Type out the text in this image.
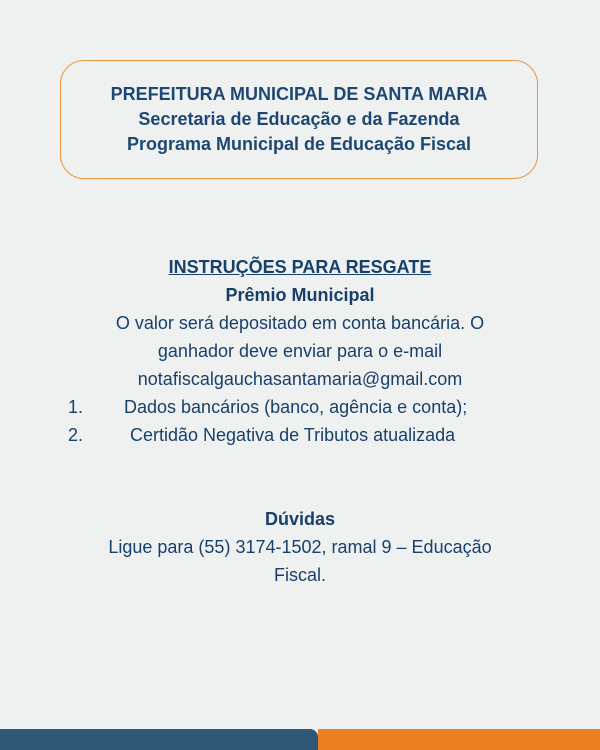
PREFEITURA MUNICIPAL DE SANTA MARIA
Secretaria de Educação e da Fazenda
Programa Municipal de Educação Fiscal

INSTRUÇÕES PARA RESGATE

Prêmio Municipal

O valor será depositado em conta bancária. O

ganhador deve enviar para o e-mail

notafiscalgauchasantamaria@gmail.com

1.	Dados bancários (banco, agência e conta);
2.	Certidão Negativa de Tributos atualizada

Dúvidas

Ligue para (55) 3174-1502, ramal 9 – Educação

Fiscal.
